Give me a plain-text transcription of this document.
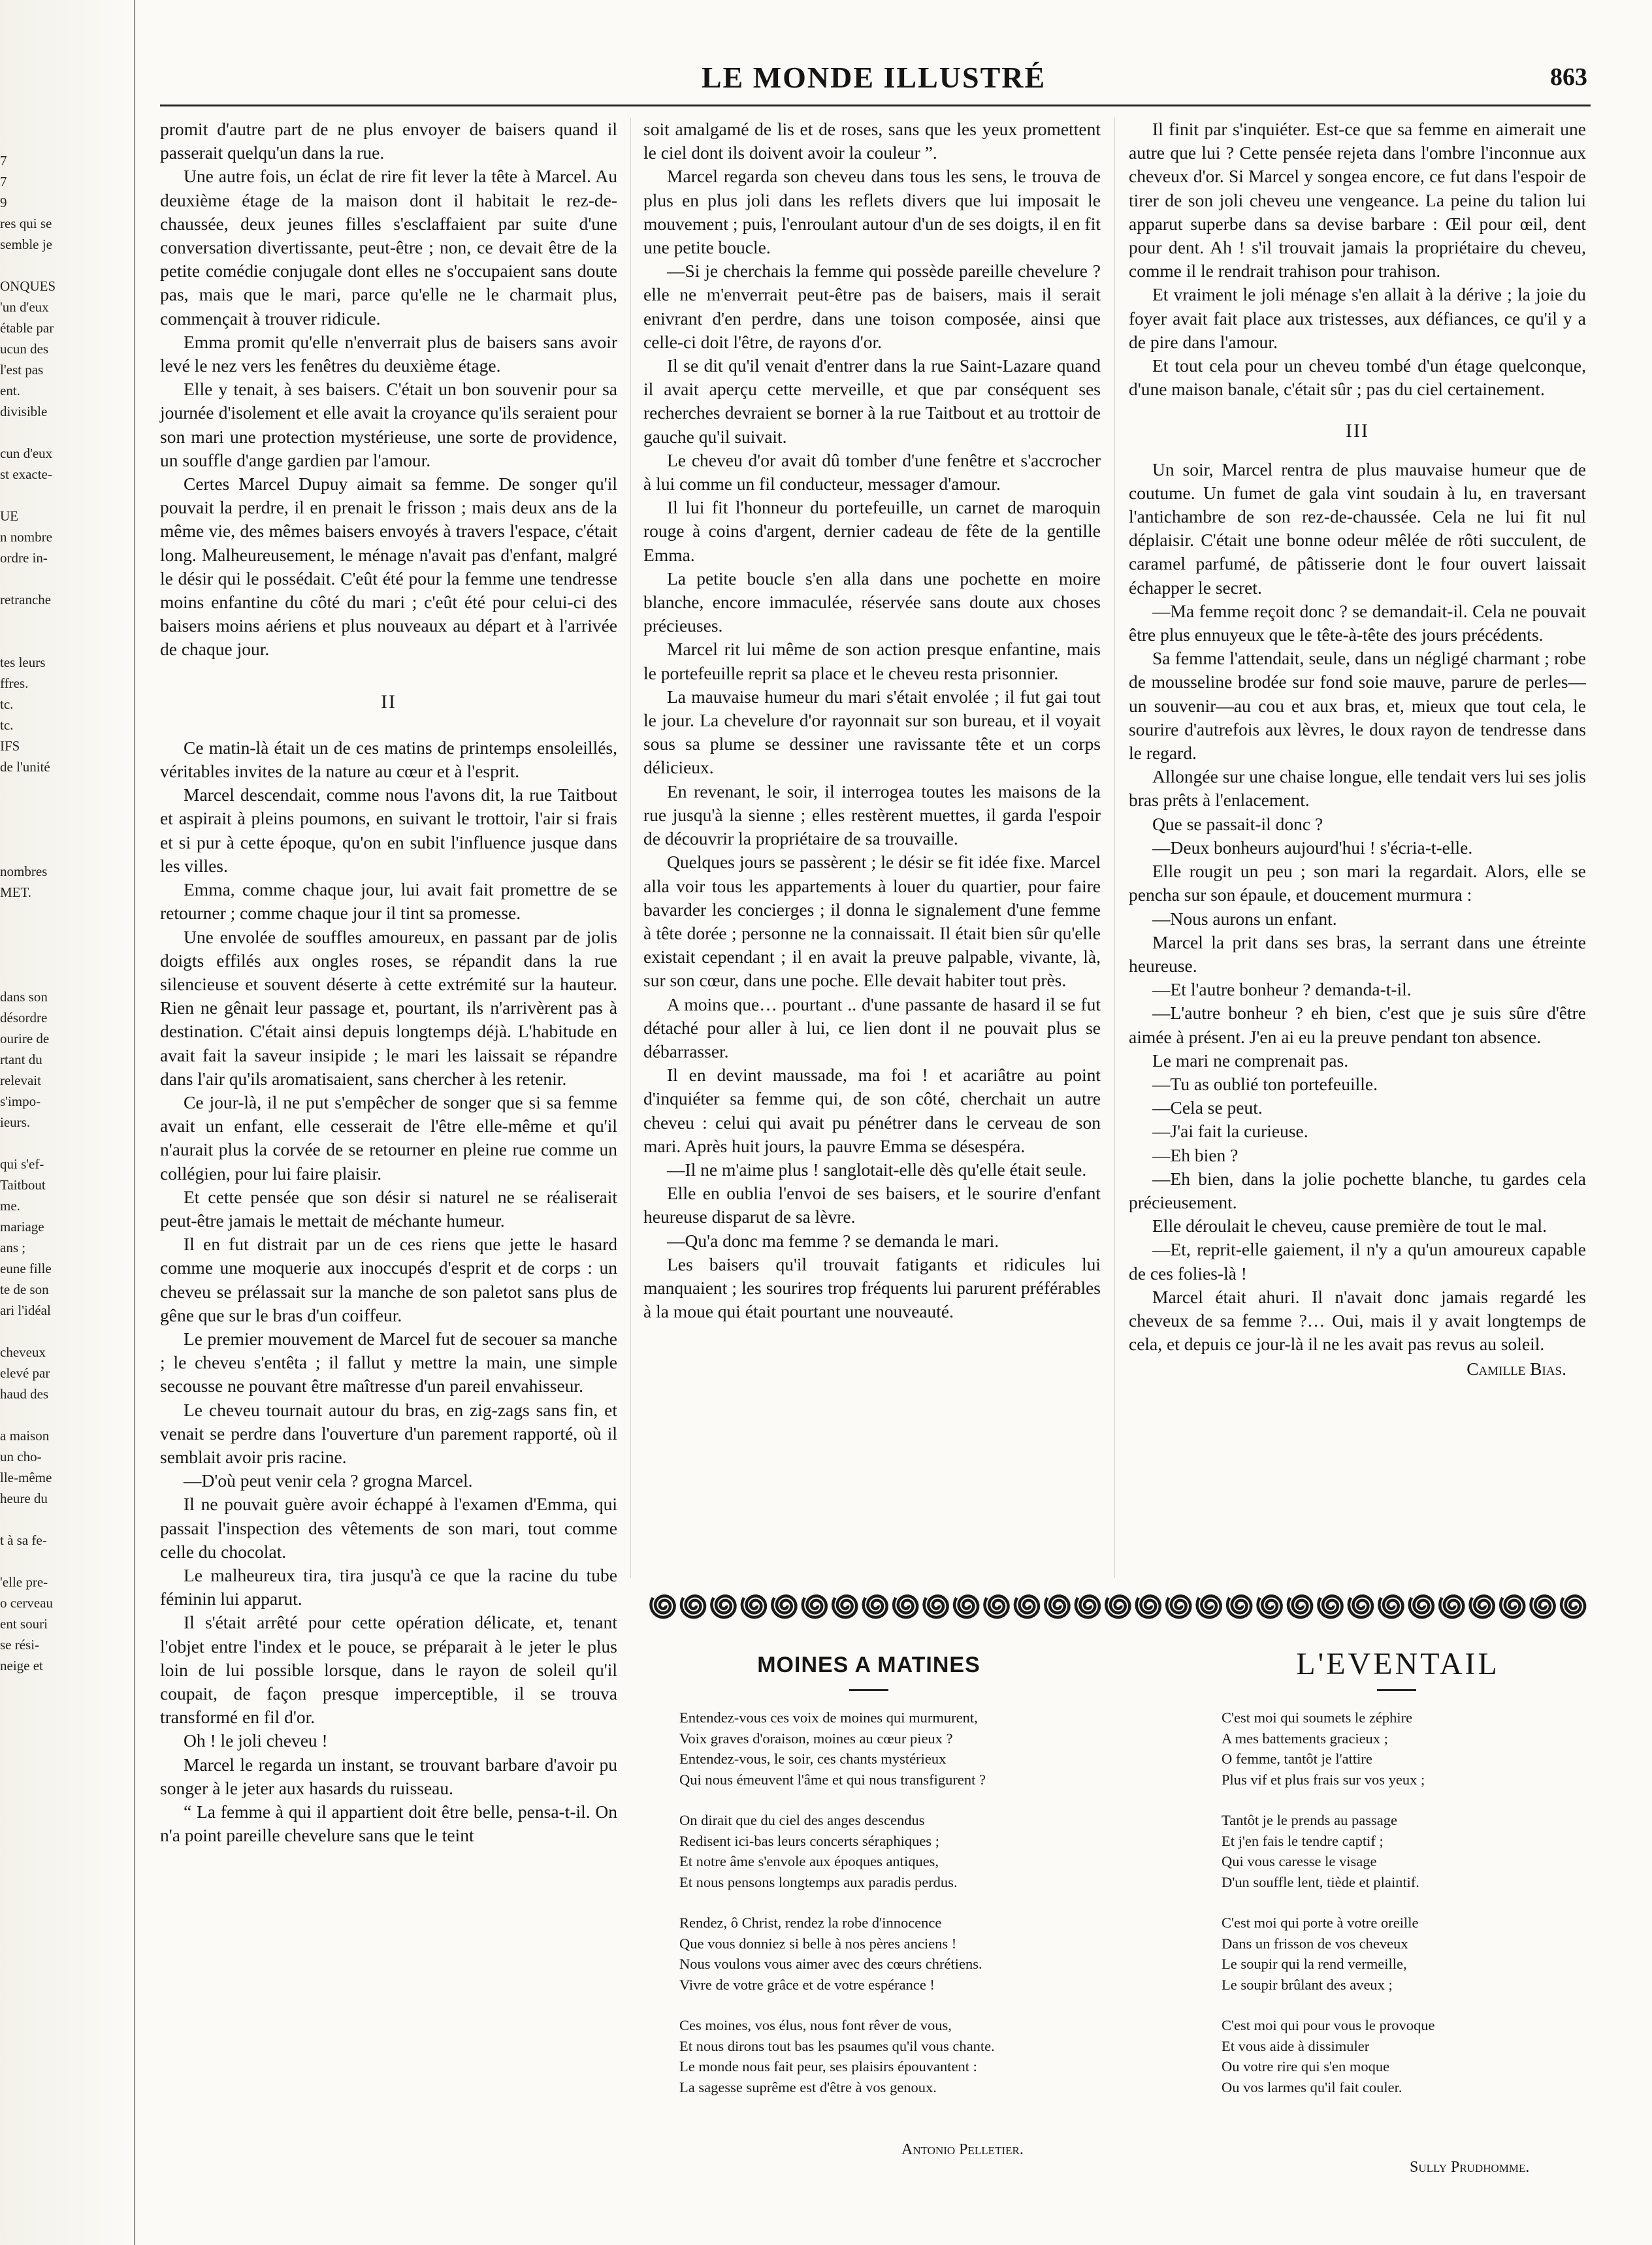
7
7
9
res qui se
semble je
ONQUES
'un d'eux
étable par
ucun des
l'est pas
ent.
divisible
cun d'eux
st exacte-
UE
n nombre
ordre in-
retranche
tes leurs
ffres.
tc.
tc.
IFS
de l'unité
nombres
MET.
dans son
désordre
ourire de
rtant du
relevait
s'impo-
ieurs.
qui s'ef-
Taitbout
me.
mariage
ans ;
eune fille
te de son
ari l'idéal
cheveux
elevé par
haud des
a maison
un cho-
lle-même
heure du
t à sa fe-
'elle pre-
o cerveau
ent souri
se rési-
neige et
LE MONDE ILLUSTRÉ	863

promit d'autre part de ne plus envoyer de baisers quand il passerait quelqu'un dans la rue.

Une autre fois, un éclat de rire fit lever la tête à Marcel. Au deuxième étage de la maison dont il habitait le rez-de-chaussée, deux jeunes filles s'esclaffaient par suite d'une conversation divertissante, peut-être ; non, ce devait être de la petite comédie conjugale dont elles ne s'occupaient sans doute pas, mais que le mari, parce qu'elle ne le charmait plus, commençait à trouver ridicule.

Emma promit qu'elle n'enverrait plus de baisers sans avoir levé le nez vers les fenêtres du deuxième étage.

Elle y tenait, à ses baisers. C'était un bon souvenir pour sa journée d'isolement et elle avait la croyance qu'ils seraient pour son mari une protection mystérieuse, une sorte de providence, un souffle d'ange gardien par l'amour.

Certes Marcel Dupuy aimait sa femme. De songer qu'il pouvait la perdre, il en prenait le frisson ; mais deux ans de la même vie, des mêmes baisers envoyés à travers l'espace, c'était long. Malheureusement, le ménage n'avait pas d'enfant, malgré le désir qui le possédait. C'eût été pour la femme une tendresse moins enfantine du côté du mari ; c'eût été pour celui-ci des baisers moins aériens et plus nouveaux au départ et à l'arrivée de chaque jour.

II

Ce matin-là était un de ces matins de printemps ensoleillés, véritables invites de la nature au cœur et à l'esprit.

Marcel descendait, comme nous l'avons dit, la rue Taitbout et aspirait à pleins poumons, en suivant le trottoir, l'air si frais et si pur à cette époque, qu'on en subit l'influence jusque dans les villes.

Emma, comme chaque jour, lui avait fait promettre de se retourner ; comme chaque jour il tint sa promesse.

Une envolée de souffles amoureux, en passant par de jolis doigts effilés aux ongles roses, se répandit dans la rue silencieuse et souvent déserte à cette extrémité sur la hauteur. Rien ne gênait leur passage et, pourtant, ils n'arrivèrent pas à destination. C'était ainsi depuis longtemps déjà. L'habitude en avait fait la saveur insipide ; le mari les laissait se répandre dans l'air qu'ils aromatisaient, sans chercher à les retenir.

Ce jour-là, il ne put s'empêcher de songer que si sa femme avait un enfant, elle cesserait de l'être elle-même et qu'il n'aurait plus la corvée de se retourner en pleine rue comme un collégien, pour lui faire plaisir.

Et cette pensée que son désir si naturel ne se réaliserait peut-être jamais le mettait de méchante humeur.

Il en fut distrait par un de ces riens que jette le hasard comme une moquerie aux inoccupés d'esprit et de corps : un cheveu se prélassait sur la manche de son paletot sans plus de gêne que sur le bras d'un coiffeur.

Le premier mouvement de Marcel fut de secouer sa manche ; le cheveu s'entêta ; il fallut y mettre la main, une simple secousse ne pouvant être maîtresse d'un pareil envahisseur.

Le cheveu tournait autour du bras, en zig-zags sans fin, et venait se perdre dans l'ouverture d'un parement rapporté, où il semblait avoir pris racine.

—D'où peut venir cela ? grogna Marcel.

Il ne pouvait guère avoir échappé à l'examen d'Emma, qui passait l'inspection des vêtements de son mari, tout comme celle du chocolat.

Le malheureux tira, tira jusqu'à ce que la racine du tube féminin lui apparut.

Il s'était arrêté pour cette opération délicate, et, tenant l'objet entre l'index et le pouce, se préparait à le jeter le plus loin de lui possible lorsque, dans le rayon de soleil qu'il coupait, de façon presque imperceptible, il se trouva transformé en fil d'or.

Oh ! le joli cheveu !

Marcel le regarda un instant, se trouvant barbare d'avoir pu songer à le jeter aux hasards du ruisseau.

“ La femme à qui il appartient doit être belle, pensa-t-il. On n'a point pareille chevelure sans que le teint

soit amalgamé de lis et de roses, sans que les yeux promettent le ciel dont ils doivent avoir la couleur ”.

Marcel regarda son cheveu dans tous les sens, le trouva de plus en plus joli dans les reflets divers que lui imposait le mouvement ; puis, l'enroulant autour d'un de ses doigts, il en fit une petite boucle.

—Si je cherchais la femme qui possède pareille chevelure ? elle ne m'enverrait peut-être pas de baisers, mais il serait enivrant d'en perdre, dans une toison composée, ainsi que celle-ci doit l'être, de rayons d'or.

Il se dit qu'il venait d'entrer dans la rue Saint-Lazare quand il avait aperçu cette merveille, et que par conséquent ses recherches devraient se borner à la rue Taitbout et au trottoir de gauche qu'il suivait.

Le cheveu d'or avait dû tomber d'une fenêtre et s'accrocher à lui comme un fil conducteur, messager d'amour.

Il lui fit l'honneur du portefeuille, un carnet de maroquin rouge à coins d'argent, dernier cadeau de fête de la gentille Emma.

La petite boucle s'en alla dans une pochette en moire blanche, encore immaculée, réservée sans doute aux choses précieuses.

Marcel rit lui même de son action presque enfantine, mais le portefeuille reprit sa place et le cheveu resta prisonnier.

La mauvaise humeur du mari s'était envolée ; il fut gai tout le jour. La chevelure d'or rayonnait sur son bureau, et il voyait sous sa plume se dessiner une ravissante tête et un corps délicieux.

En revenant, le soir, il interrogea toutes les maisons de la rue jusqu'à la sienne ; elles restèrent muettes, il garda l'espoir de découvrir la propriétaire de sa trouvaille.

Quelques jours se passèrent ; le désir se fit idée fixe. Marcel alla voir tous les appartements à louer du quartier, pour faire bavarder les concierges ; il donna le signalement d'une femme à tête dorée ; personne ne la connaissait. Il était bien sûr qu'elle existait cependant ; il en avait la preuve palpable, vivante, là, sur son cœur, dans une poche. Elle devait habiter tout près.

A moins que… pourtant .. d'une passante de hasard il se fut détaché pour aller à lui, ce lien dont il ne pouvait plus se débarrasser.

Il en devint maussade, ma foi ! et acariâtre au point d'inquiéter sa femme qui, de son côté, cherchait un autre cheveu : celui qui avait pu pénétrer dans le cerveau de son mari. Après huit jours, la pauvre Emma se désespéra.

—Il ne m'aime plus ! sanglotait-elle dès qu'elle était seule.

Elle en oublia l'envoi de ses baisers, et le sourire d'enfant heureuse disparut de sa lèvre.

—Qu'a donc ma femme ? se demanda le mari.

Les baisers qu'il trouvait fatigants et ridicules lui manquaient ; les sourires trop fréquents lui parurent préférables à la moue qui était pourtant une nouveauté.

Il finit par s'inquiéter. Est-ce que sa femme en aimerait une autre que lui ? Cette pensée rejeta dans l'ombre l'inconnue aux cheveux d'or. Si Marcel y songea encore, ce fut dans l'espoir de tirer de son joli cheveu une vengeance. La peine du talion lui apparut superbe dans sa devise barbare : Œil pour œil, dent pour dent. Ah ! s'il trouvait jamais la propriétaire du cheveu, comme il le rendrait trahison pour trahison.

Et vraiment le joli ménage s'en allait à la dérive ; la joie du foyer avait fait place aux tristesses, aux défiances, ce qu'il y a de pire dans l'amour.

Et tout cela pour un cheveu tombé d'un étage quelconque, d'une maison banale, c'était sûr ; pas du ciel certainement.

III

Un soir, Marcel rentra de plus mauvaise humeur que de coutume. Un fumet de gala vint soudain à lu, en traversant l'antichambre de son rez-de-chaussée. Cela ne lui fit nul déplaisir. C'était une bonne odeur mêlée de rôti succulent, de caramel parfumé, de pâtisserie dont le four ouvert laissait échapper le secret.

—Ma femme reçoit donc ? se demandait-il. Cela ne pouvait être plus ennuyeux que le tête-à-tête des jours précédents.

Sa femme l'attendait, seule, dans un négligé charmant ; robe de mousseline brodée sur fond soie mauve, parure de perles—un souvenir—au cou et aux bras, et, mieux que tout cela, le sourire d'autrefois aux lèvres, le doux rayon de tendresse dans le regard.

Allongée sur une chaise longue, elle tendait vers lui ses jolis bras prêts à l'enlacement.

Que se passait-il donc ?

—Deux bonheurs aujourd'hui ! s'écria-t-elle.

Elle rougit un peu ; son mari la regardait. Alors, elle se pencha sur son épaule, et doucement murmura :

—Nous aurons un enfant.

Marcel la prit dans ses bras, la serrant dans une étreinte heureuse.

—Et l'autre bonheur ? demanda-t-il.

—L'autre bonheur ? eh bien, c'est que je suis sûre d'être aimée à présent. J'en ai eu la preuve pendant ton absence.

Le mari ne comprenait pas.

—Tu as oublié ton portefeuille.

—Cela se peut.

—J'ai fait la curieuse.

—Eh bien ?

—Eh bien, dans la jolie pochette blanche, tu gardes cela précieusement.

Elle déroulait le cheveu, cause première de tout le mal.

—Et, reprit-elle gaiement, il n'y a qu'un amoureux capable de ces folies-là !

Marcel était ahuri. Il n'avait donc jamais regardé les cheveux de sa femme ?… Oui, mais il y avait longtemps de cela, et depuis ce jour-là il ne les avait pas revus au soleil.

Camille Bias.
MOINES A MATINES	L'EVENTAIL
Entendez-vous ces voix de moines qui murmurent,
Voix graves d'oraison, moines au cœur pieux ?
Entendez-vous, le soir, ces chants mystérieux
Qui nous émeuvent l'âme et qui nous transfigurent ?
On dirait que du ciel des anges descendus
Redisent ici-bas leurs concerts séraphiques ;
Et notre âme s'envole aux époques antiques,
Et nous pensons longtemps aux paradis perdus.
Rendez, ô Christ, rendez la robe d'innocence
Que vous donniez si belle à nos pères anciens !
Nous voulons vous aimer avec des cœurs chrétiens.
Vivre de votre grâce et de votre espérance !
Ces moines, vos élus, nous font rêver de vous,
Et nous dirons tout bas les psaumes qu'il vous chante.
Le monde nous fait peur, ses plaisirs épouvantent :
La sagesse suprême est d'être à vos genoux.
Antonio Pelletier.
C'est moi qui soumets le zéphire
A mes battements gracieux ;
O femme, tantôt je l'attire
Plus vif et plus frais sur vos yeux ;
Tantôt je le prends au passage
Et j'en fais le tendre captif ;
Qui vous caresse le visage
D'un souffle lent, tiède et plaintif.
C'est moi qui porte à votre oreille
Dans un frisson de vos cheveux
Le soupir qui la rend vermeille,
Le soupir brûlant des aveux ;
C'est moi qui pour vous le provoque
Et vous aide à dissimuler
Ou votre rire qui s'en moque
Ou vos larmes qu'il fait couler.
Sully Prudhomme.
